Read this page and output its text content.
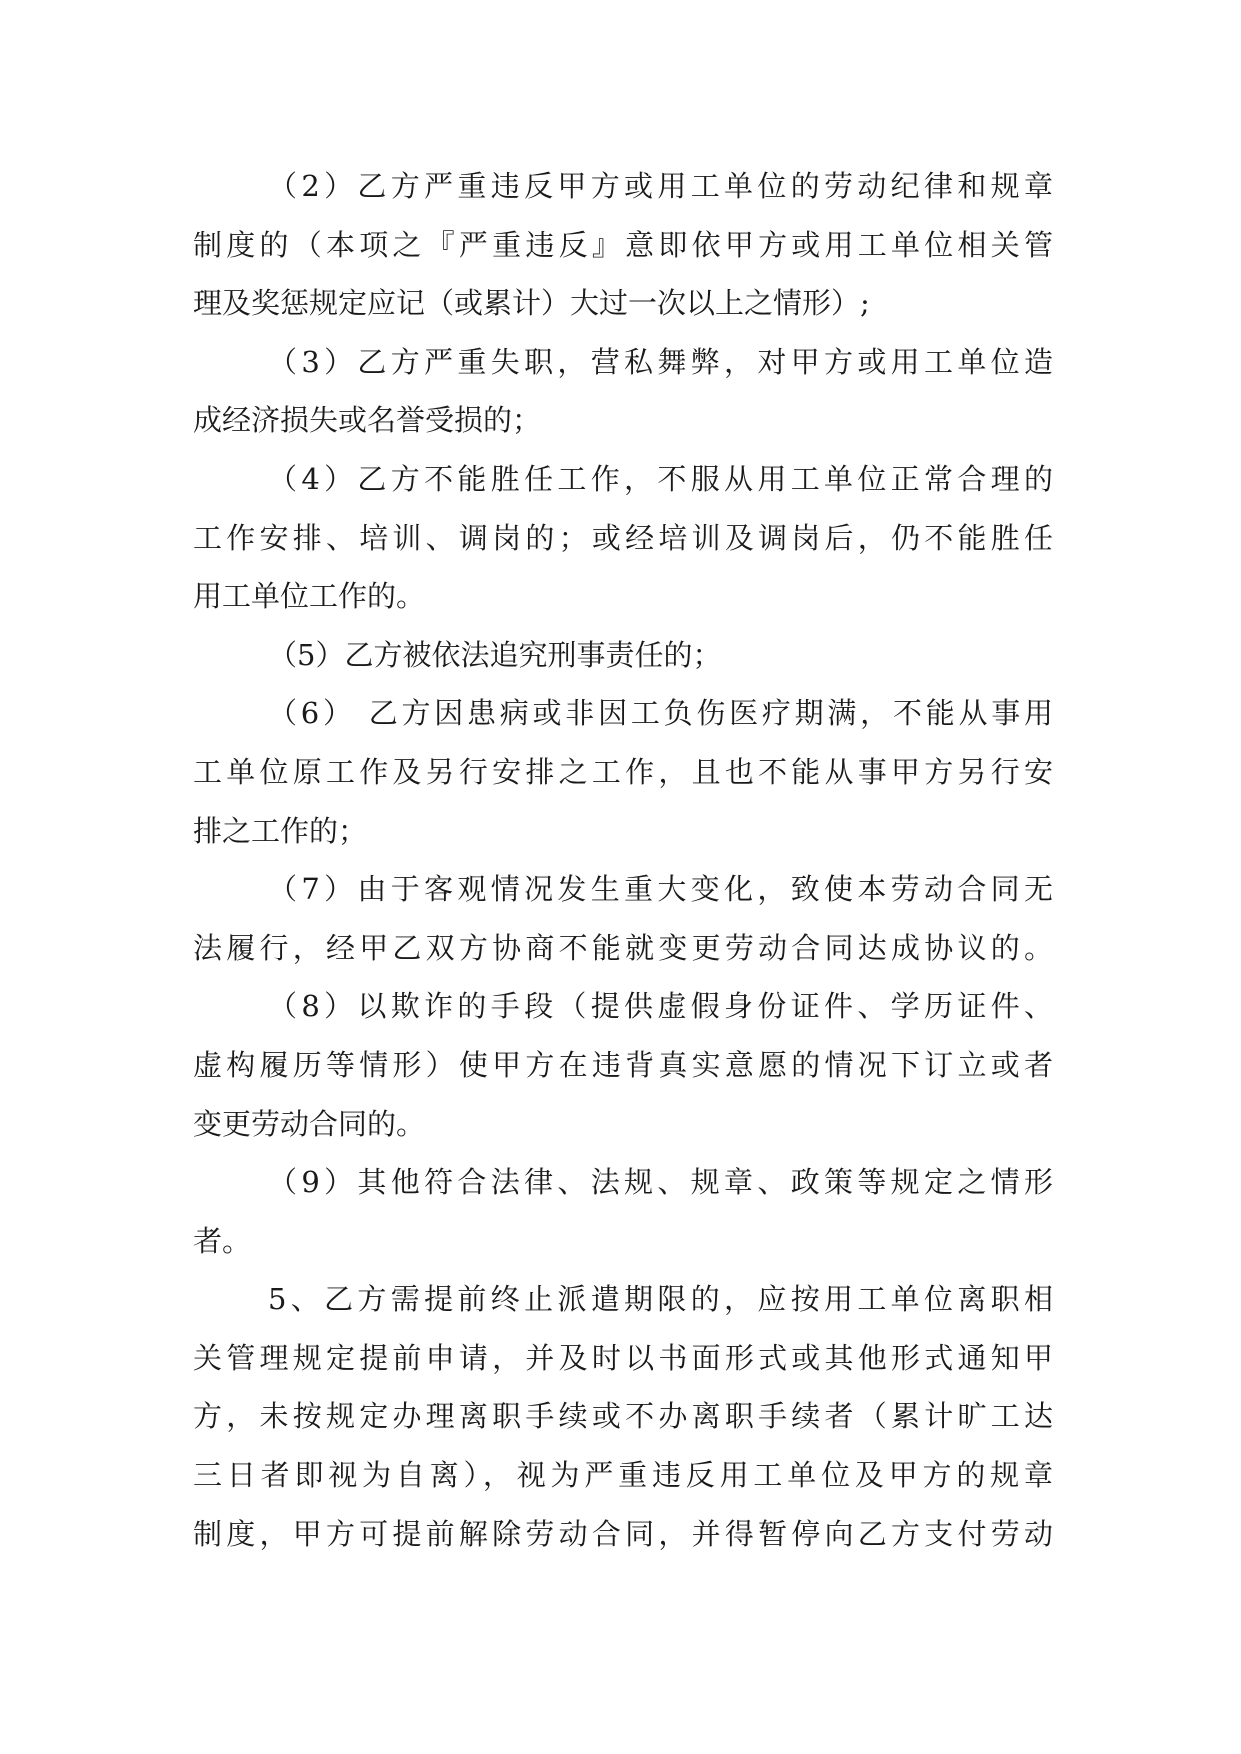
（2）乙方严重违反甲方或用工单位的劳动纪律和规章
制度的（本项之『严重违反』意即依甲方或用工单位相关管
理及奖惩规定应记（或累计）大过一次以上之情形）;
（3）乙方严重失职，营私舞弊，对甲方或用工单位造
成经济损失或名誉受损的；
（4）乙方不能胜任工作，不服从用工单位正常合理的
工作安排、培训、调岗的；或经培训及调岗后，仍不能胜任
用工单位工作的。
（5）乙方被依法追究刑事责任的；
（6） 乙方因患病或非因工负伤医疗期满，不能从事用
工单位原工作及另行安排之工作，且也不能从事甲方另行安
排之工作的；
（7）由于客观情况发生重大变化，致使本劳动合同无
法履行，经甲乙双方协商不能就变更劳动合同达成协议的。
（8）以欺诈的手段（提供虚假身份证件、学历证件、
虚构履历等情形）使甲方在违背真实意愿的情况下订立或者
变更劳动合同的。
（9）其他符合法律、法规、规章、政策等规定之情形
者。
5、乙方需提前终止派遣期限的，应按用工单位离职相
关管理规定提前申请，并及时以书面形式或其他形式通知甲
方，未按规定办理离职手续或不办离职手续者（累计旷工达
三日者即视为自离），视为严重违反用工单位及甲方的规章
制度，甲方可提前解除劳动合同，并得暂停向乙方支付劳动
